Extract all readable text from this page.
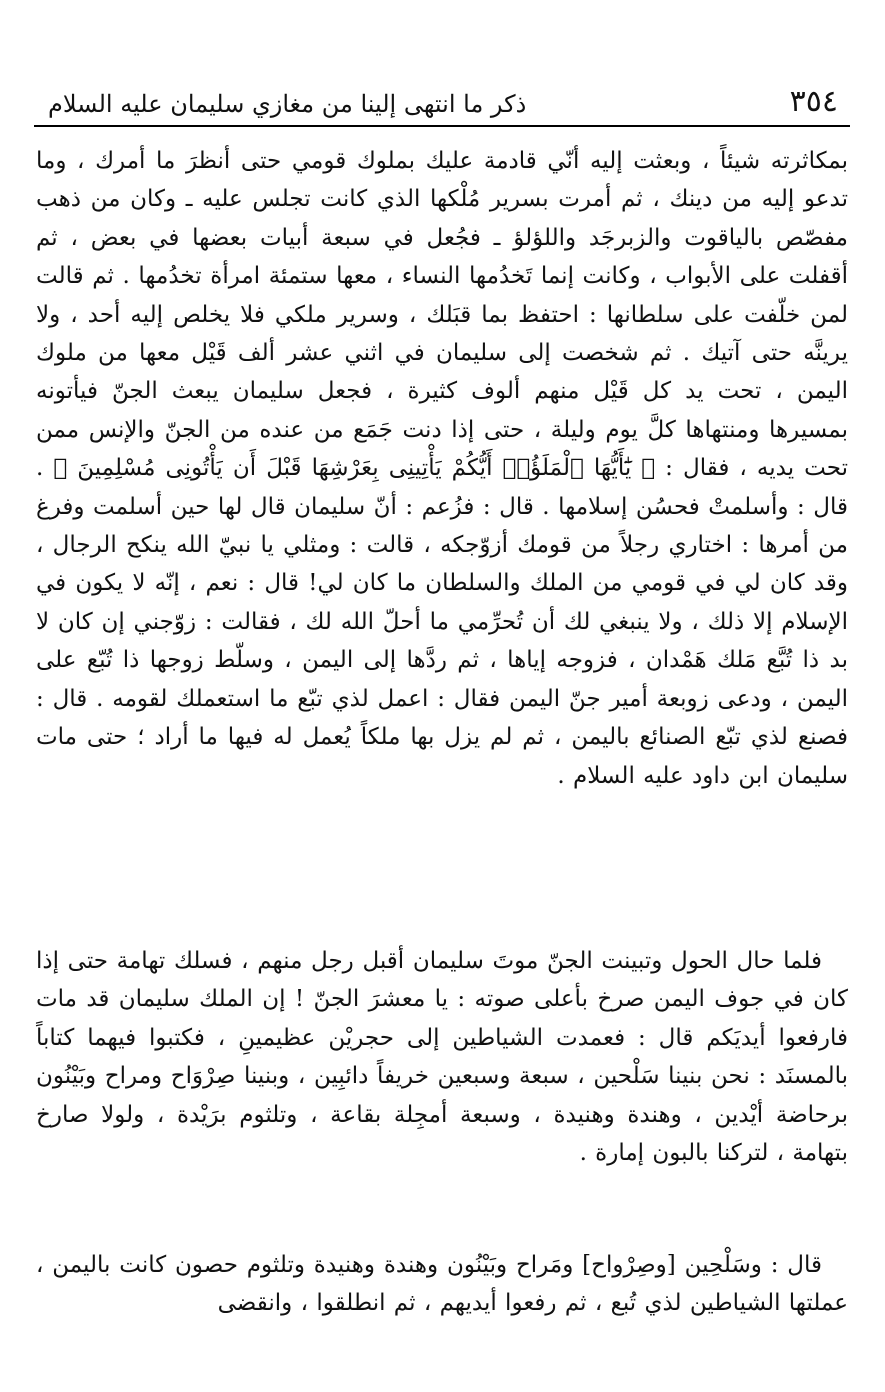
٣٥٤
ذكر ما انتهى إلينا من مغازي سليمان عليه السلام

بمكاثرته شيئاً ، وبعثت إليه أنّي قادمة عليك بملوك قومي حتى أنظرَ ما أمرك ، وما تدعو إليه من دينك ، ثم أمرت بسرير مُلْكها الذي كانت تجلس عليه ـ وكان من ذهب مفصّص بالياقوت والزبرجَد واللؤلؤ ـ فجُعل في سبعة أبيات بعضها في بعض ، ثم أقفلت على الأبواب ، وكانت إنما تَخدُمها النساء ، معها ستمئة امرأة تخدُمها . ثم قالت لمن خلّفت على سلطانها : احتفظ بما قبَلك ، وسرير ملكي فلا يخلص إليه أحد ، ولا يرينَّه حتى آتيك . ثم شخصت إلى سليمان في اثني عشر ألف قَيْل معها من ملوك اليمن ، تحت يد كل قَيْل منهم ألوف كثيرة ، فجعل سليمان يبعث الجنّ فيأتونه بمسيرها ومنتهاها كلَّ يوم وليلة ، حتى إذا دنت جَمَع من عنده من الجنّ والإنس ممن تحت يديه ، فقال : ﴿ يَٰٓأَيُّهَا ٱلْمَلَؤُا۟ أَيُّكُمْ يَأْتِينِى بِعَرْشِهَا قَبْلَ أَن يَأْتُونِى مُسْلِمِينَ ﴾ . قال : وأسلمتْ فحسُن إسلامها . قال : فزُعم : أنّ سليمان قال لها حين أسلمت وفرغ من أمرها : اختاري رجلاً من قومك أزوّجكه ، قالت : ومثلي يا نبيّ الله ينكح الرجال ، وقد كان لي في قومي من الملك والسلطان ما كان لي! قال : نعم ، إنّه لا يكون في الإسلام إلا ذلك ، ولا ينبغي لك أن تُحرِّمي ما أحلّ الله لك ، فقالت : زوّجني إن كان لا بد ذا تُبَّع مَلك هَمْدان ، فزوجه إياها ، ثم ردَّها إلى اليمن ، وسلّط زوجها ذا تُبّع على اليمن ، ودعى زوبعة أمير جنّ اليمن فقال : اعمل لذي تبّع ما استعملك لقومه . قال : فصنع لذي تبّع الصنائع باليمن ، ثم لم يزل بها ملكاً يُعمل له فيها ما أراد ؛ حتى مات سليمان ابن داود عليه السلام .

فلما حال الحول وتبينت الجنّ موتَ سليمان أقبل رجل منهم ، فسلك تهامة حتى إذا كان في جوف اليمن صرخ بأعلى صوته : يا معشرَ الجنّ ! إن الملك سليمان قد مات فارفعوا أيديَكم قال : فعمدت الشياطين إلى حجريْن عظيمينِ ، فكتبوا فيهما كتاباً بالمسنَد : نحن بنينا سَلْحين ، سبعة وسبعين خريفاً دائبِين ، وبنينا صِرْوَاح ومراح وبَيْنُون برحاضة أيْدين ، وهندة وهنيدة ، وسبعة أمجِلة بقاعة ، وتلثوم برَيْدة ، ولولا صارخ بتهامة ، لتركنا بالبون إمارة .

قال : وسَلْحِين [وصِرْواح] ومَراح وبَيْنُون وهندة وهنيدة وتلثوم حصون كانت باليمن ، عملتها الشياطين لذي تُبع ، ثم رفعوا أيديهم ، ثم انطلقوا ، وانقضى
